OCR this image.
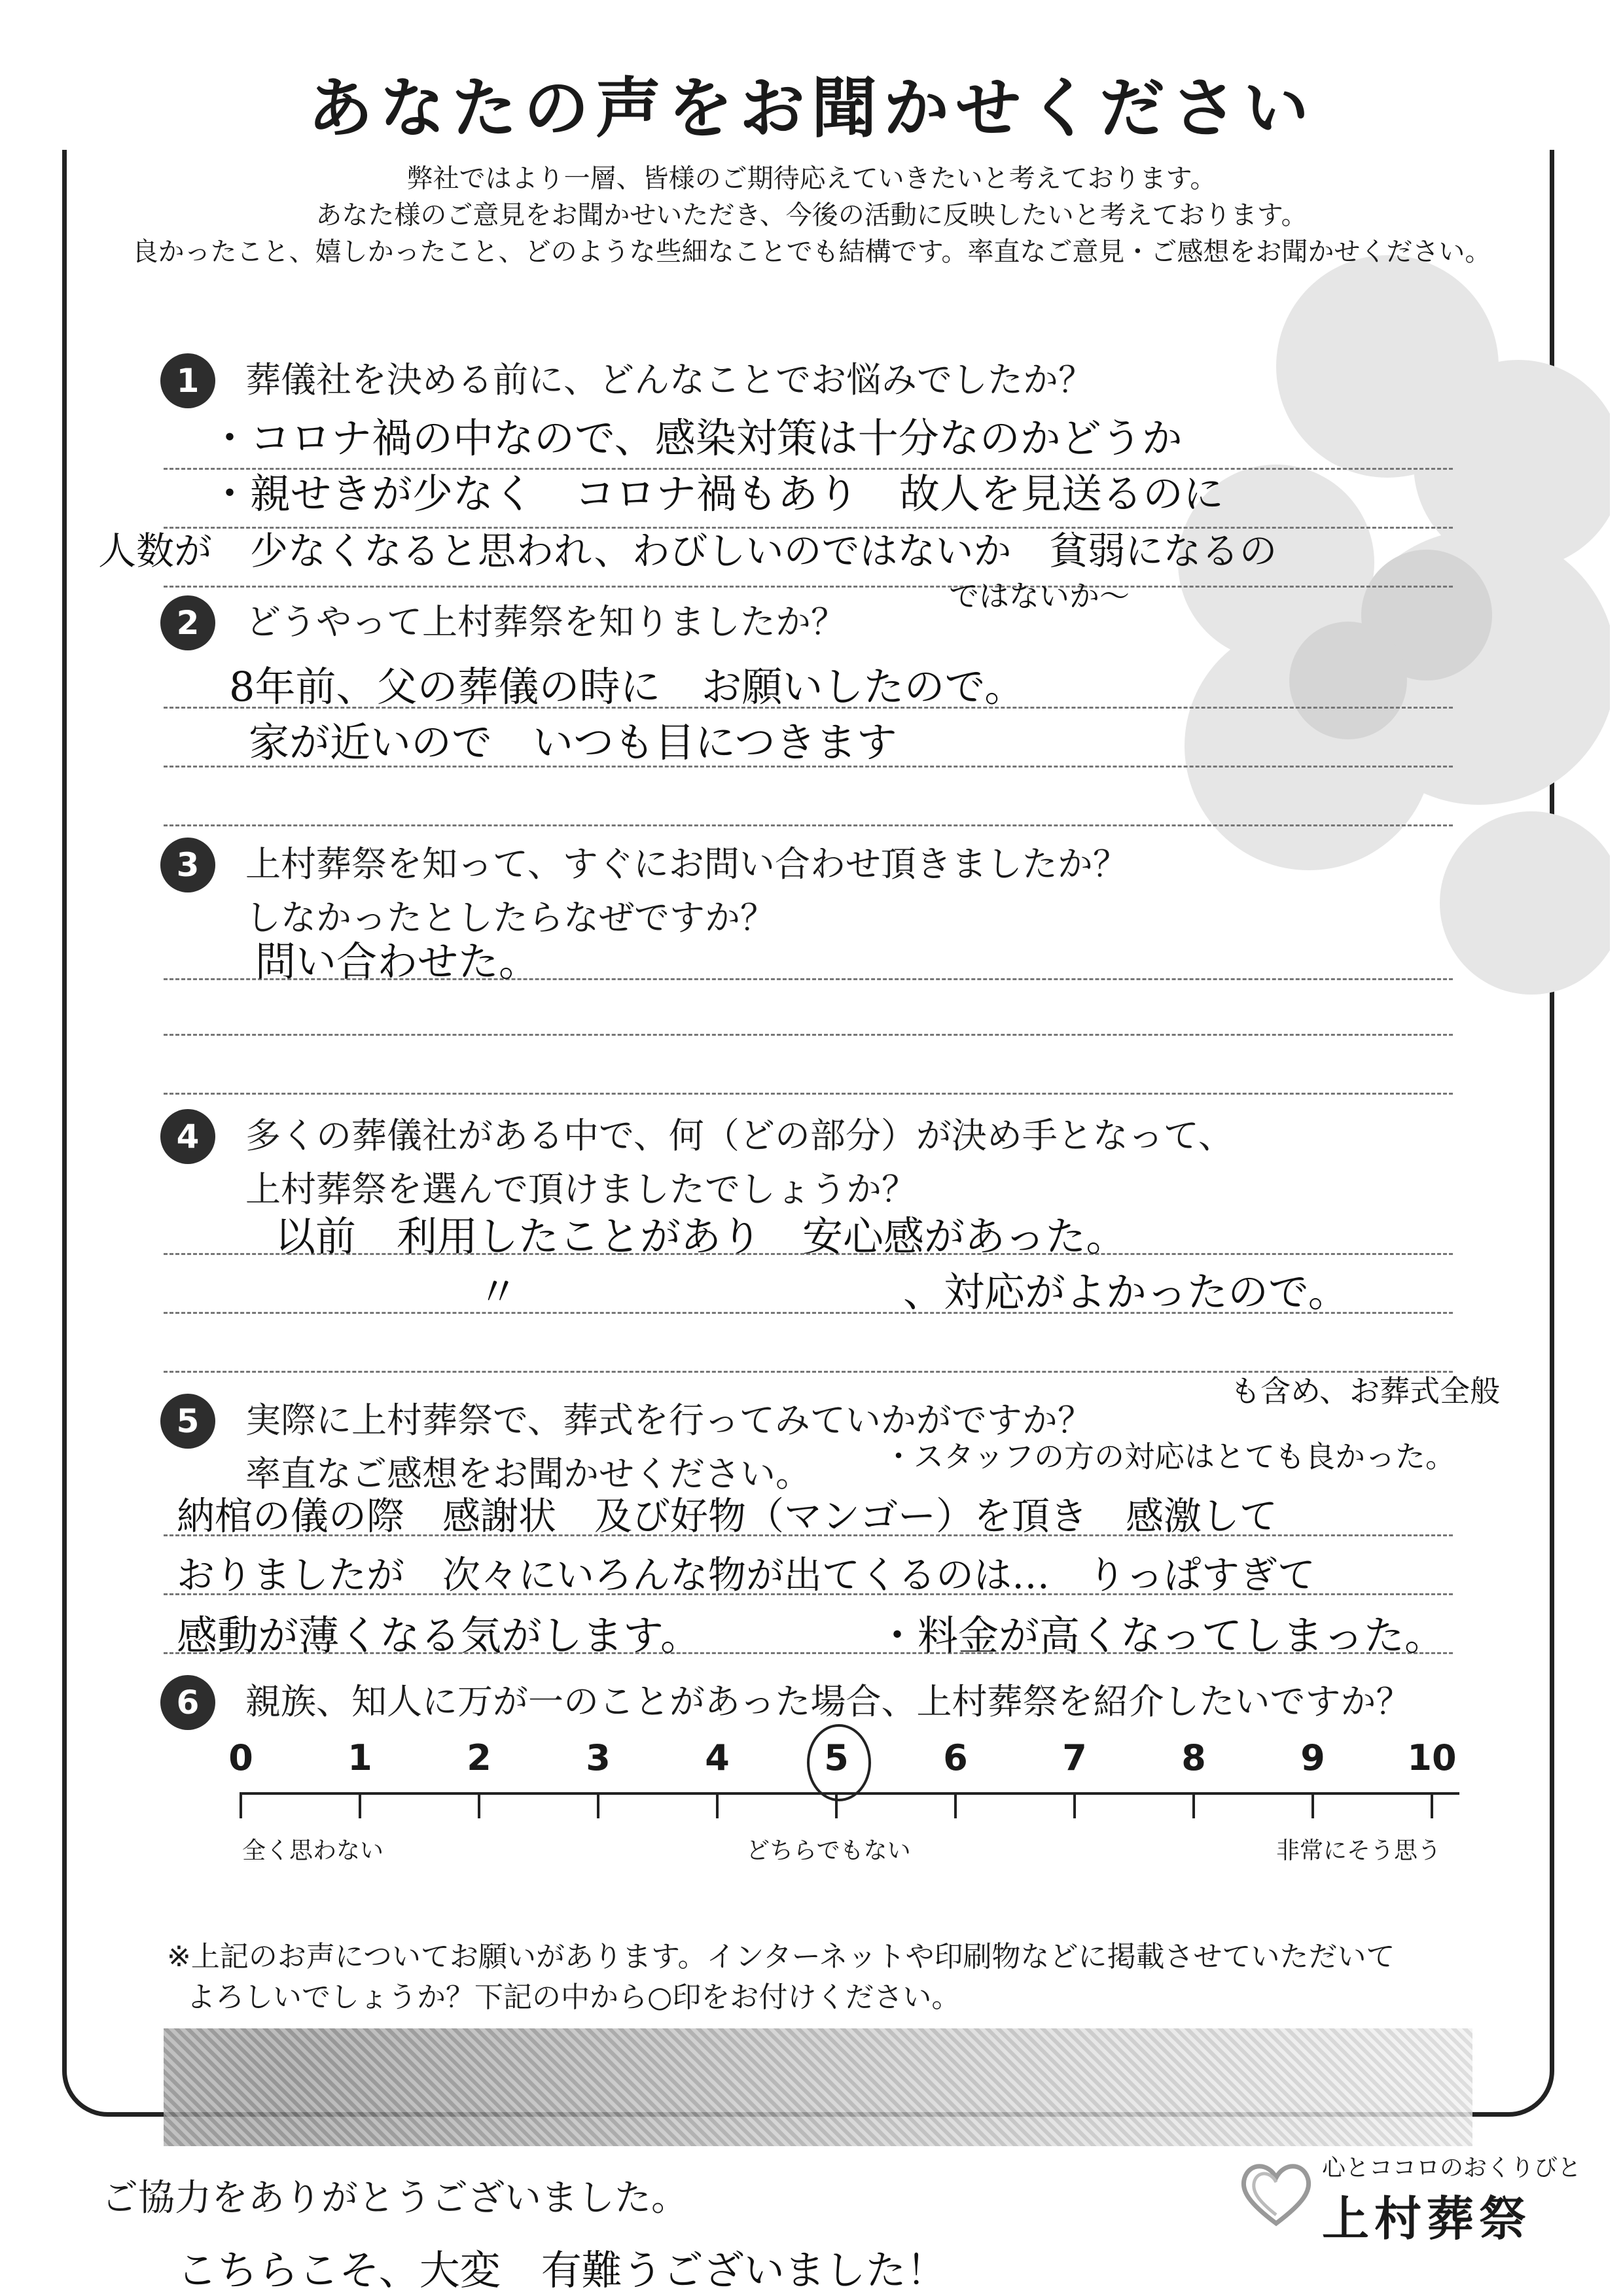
あなたの声をお聞かせください
弊社ではより一層、皆様のご期待応えていきたいと考えております。
あなた様のご意見をお聞かせいただき、今後の活動に反映したいと考えております。
良かったこと、嬉しかったこと、どのような些細なことでも結構です。率直なご意見・ご感想をお聞かせください。
1	葬儀社を決める前に、どんなことでお悩みでしたか？
・コロナ禍の中なので、感染対策は十分なのかどうか
・親せきが少なく　コロナ禍もあり　故人を見送るのに
人数が　少なくなると思われ、わびしいのではないか　貧弱になるの
ではないか～
2	どうやって上村葬祭を知りましたか？
8年前、父の葬儀の時に　お願いしたので。
家が近いので　いつも目につきます
3	上村葬祭を知って、すぐにお問い合わせ頂きましたか？
しなかったとしたらなぜですか？
問い合わせた。
4	多くの葬儀社がある中で、何（どの部分）が決め手となって、
上村葬祭を選んで頂けましたでしょうか？
以前　利用したことがあり　安心感があった。
〃	、対応がよかったので。
5	実際に上村葬祭で、葬式を行ってみていかがですか？
率直なご感想をお聞かせください。
も含め、お葬式全般
・スタッフの方の対応はとても良かった。
納棺の儀の際　感謝状　及び好物（マンゴー）を頂き　感激して
おりましたが　次々にいろんな物が出てくるのは…　りっぱすぎて
感動が薄くなる気がします。	・料金が高くなってしまった。
6	親族、知人に万が一のことがあった場合、上村葬祭を紹介したいですか？
0	1	2	3	4	5	6	7	8	9	10
全く思わない	どちらでもない	非常にそう思う
※上記のお声についてお願いがあります。インターネットや印刷物などに掲載させていただいて
よろしいでしょうか？下記の中から○印をお付けください。
ご協力をありがとうございました。
こちらこそ、大変　有難うございました！
心とココロのおくりびと
上村葬祭
